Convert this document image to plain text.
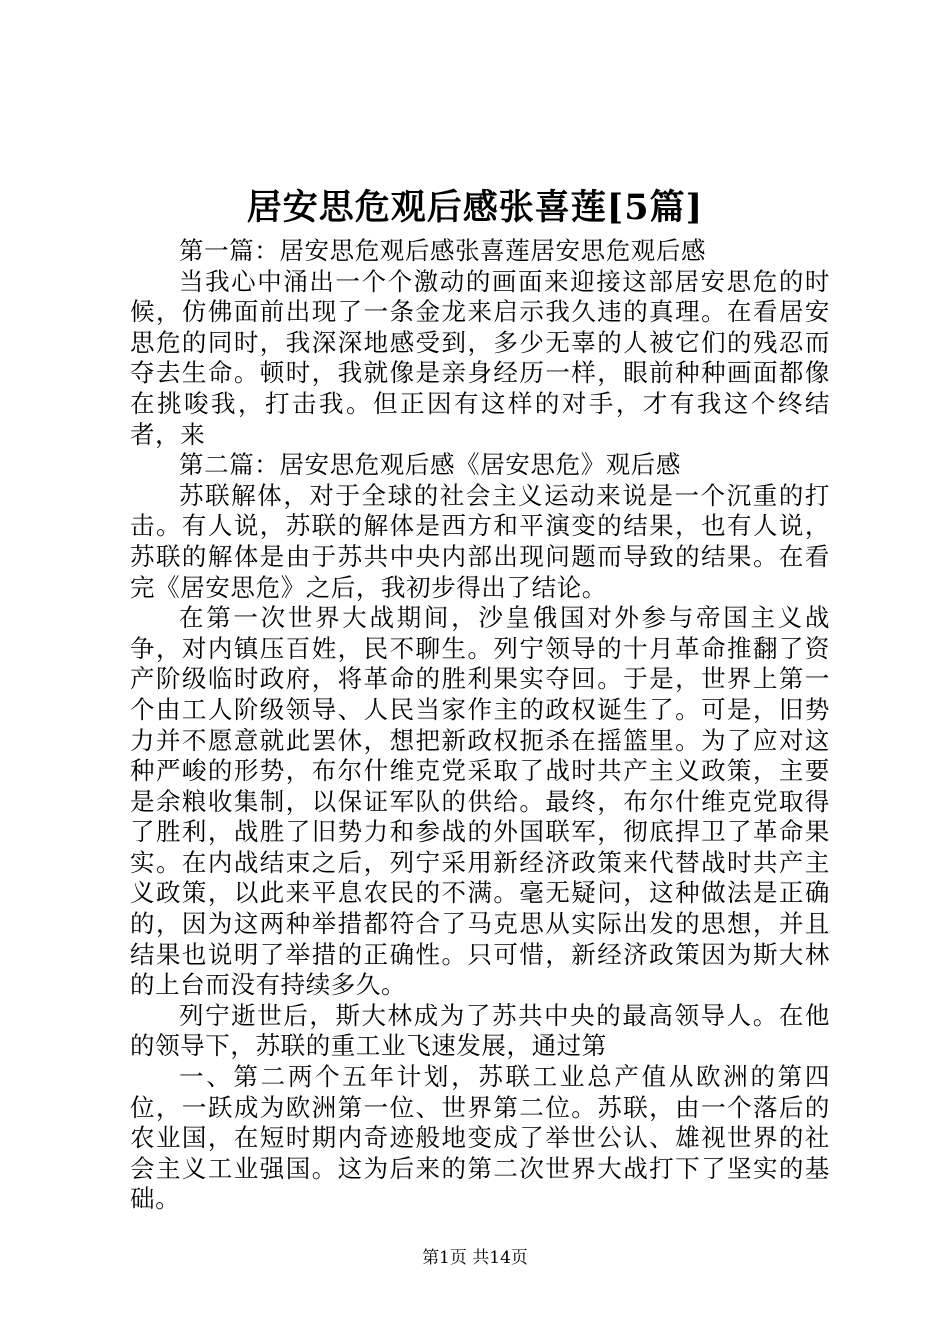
居安思危观后感张喜莲[5篇]

第一篇：居安思危观后感张喜莲居安思危观后感

当我心中涌出一个个激动的画面来迎接这部居安思危的时候，仿佛面前出现了一条金龙来启示我久违的真理。在看居安思危的同时，我深深地感受到，多少无辜的人被它们的残忍而夺去生命。顿时，我就像是亲身经历一样，眼前种种画面都像在挑唆我，打击我。但正因有这样的对手，才有我这个终结者，来

第二篇：居安思危观后感《居安思危》观后感

苏联解体，对于全球的社会主义运动来说是一个沉重的打击。有人说，苏联的解体是西方和平演变的结果，也有人说，苏联的解体是由于苏共中央内部出现问题而导致的结果。在看完《居安思危》之后，我初步得出了结论。

在第一次世界大战期间，沙皇俄国对外参与帝国主义战争，对内镇压百姓，民不聊生。列宁领导的十月革命推翻了资产阶级临时政府，将革命的胜利果实夺回。于是，世界上第一个由工人阶级领导、人民当家作主的政权诞生了。可是，旧势力并不愿意就此罢休，想把新政权扼杀在摇篮里。为了应对这种严峻的形势，布尔什维克党采取了战时共产主义政策，主要是余粮收集制，以保证军队的供给。最终，布尔什维克党取得了胜利，战胜了旧势力和参战的外国联军，彻底捍卫了革命果实。在内战结束之后，列宁采用新经济政策来代替战时共产主义政策，以此来平息农民的不满。毫无疑问，这种做法是正确的，因为这两种举措都符合了马克思从实际出发的思想，并且结果也说明了举措的正确性。只可惜，新经济政策因为斯大林的上台而没有持续多久。

列宁逝世后，斯大林成为了苏共中央的最高领导人。在他的领导下，苏联的重工业飞速发展，通过第

一、第二两个五年计划，苏联工业总产值从欧洲的第四位，一跃成为欧洲第一位、世界第二位。苏联，由一个落后的农业国，在短时期内奇迹般地变成了举世公认、雄视世界的社会主义工业强国。这为后来的第二次世界大战打下了坚实的基础。

第1页 共14页
